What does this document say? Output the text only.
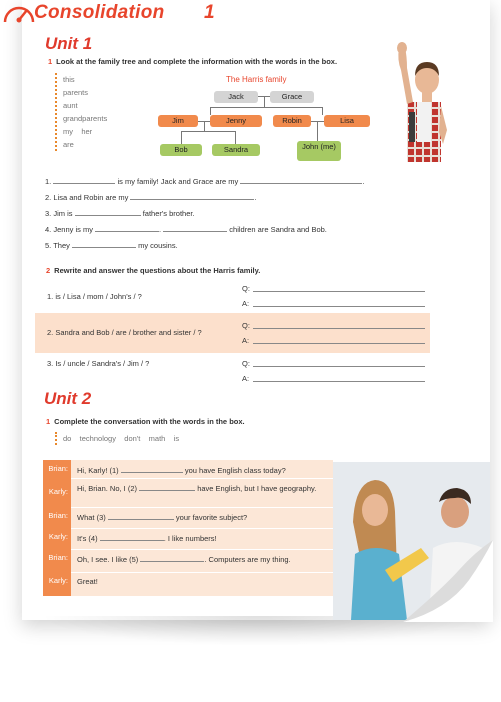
Consolidation 1
Unit 1
1 Look at the family tree and complete the information with the words in the box.
this
parents
aunt
grandparents
my    her
are
The Harris family
Jack	Grace
Jim	Jenny	Robin	Lisa
Bob	Sandra	John (me)
1.	is my family! Jack and Grace are my	.
2. Lisa and Robin are my	.
3. Jim is	father's brother.
4. Jenny is my	.	children are Sandra and Bob.
5. They	my cousins.
2 Rewrite and answer the questions about the Harris family.
1. is / Lisa / mom / John's / ?
Q:
A:
2. Sandra and Bob / are / brother and sister / ?
Q:
A:
3. Is / uncle / Sandra's / Jim / ?	Q:
A:
Unit 2
1 Complete the conversation with the words in the box.
do    technology    don't    math    is
Brian:	Hi, Karly! (1)	you have English class today?
Karly:	Hi, Brian. No, I (2)	have English, but I have geography.
Brian:	What (3)	your favorite subject?
Karly:	It's (4)	. I like numbers!
Brian:	Oh, I see. I like (5)	. Computers are my thing.
Karly:	Great!
